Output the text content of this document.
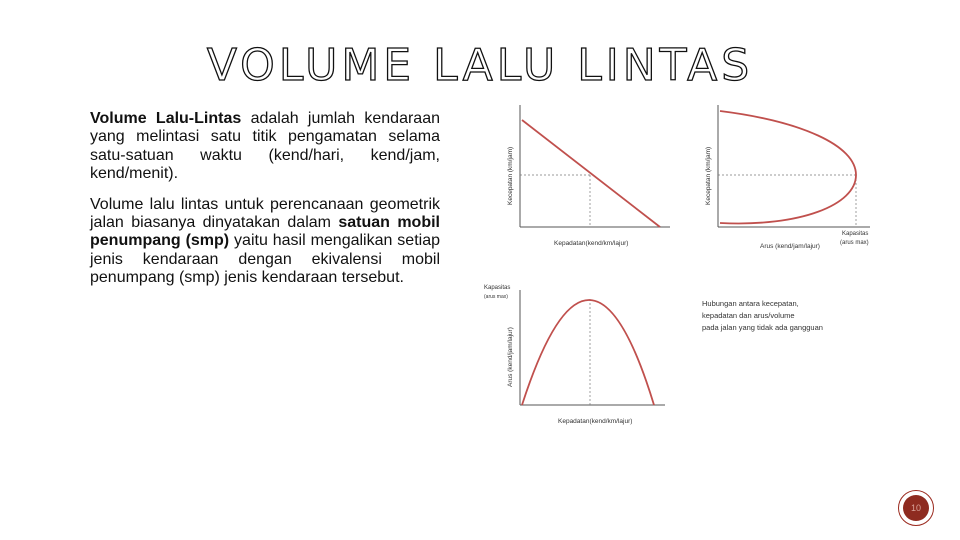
VOLUME LALU LINTAS

Volume Lalu-Lintas adalah jumlah kendaraan yang melintasi satu titik pengamatan selama satu-satuan waktu (kend/hari, kend/jam, kend/menit).

Volume lalu lintas untuk perencanaan geometrik jalan biasanya dinyatakan dalam satuan mobil penumpang (smp) yaitu hasil mengalikan setiap jenis kendaraan dengan ekivalensi mobil penumpang (smp) jenis kendaraan tersebut.

Kecepatan (km/jam)
Kepadatan(kend/km/lajur)
Kecepatan (km/jam)
Arus (kend/jam/lajur)
Kapasitas
(arus max)
Arus (kend/jam/lajur)
Kepadatan(kend/km/lajur)
Kapasitas
(arus max)
Hubungan antara kecepatan,
kepadatan dan arus/volume
pada jalan yang tidak ada gangguan
10
